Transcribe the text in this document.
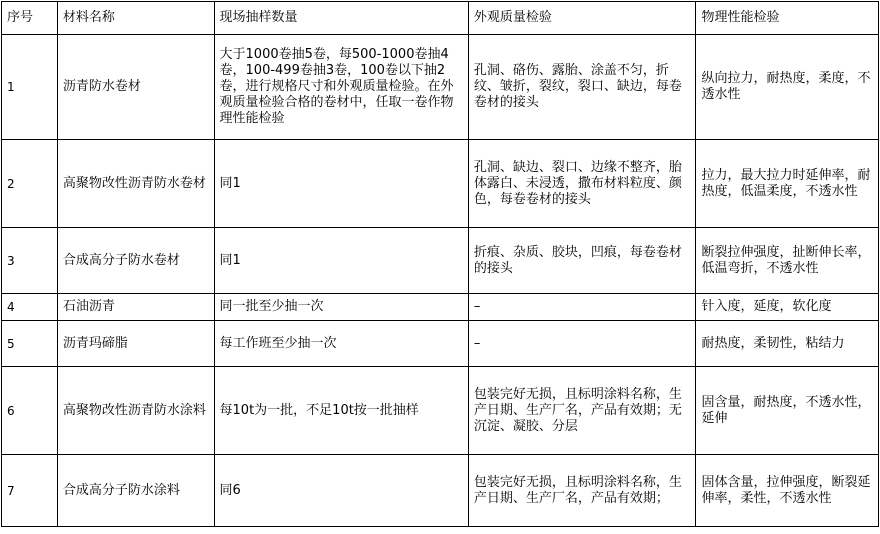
序号	材料名称	现场抽样数量	外观质量检验	物理性能检验
1	沥青防水卷材	大于1000卷抽5卷，每500-1000卷抽4卷，100-499卷抽3卷，100卷以下抽2卷，进行规格尺寸和外观质量检验。在外观质量检验合格的卷材中，任取一卷作物理性能检验	孔洞、硌伤、露胎、涂盖不匀，折纹、皱折，裂纹，裂口、缺边，每卷卷材的接头	纵向拉力，耐热度，柔度，不透水性
2	高聚物改性沥青防水卷材	同1	孔洞、缺边、裂口、边缘不整齐，胎体露白、未浸透，撒布材料粒度、颜色，每卷卷材的接头	拉力，最大拉力时延伸率，耐热度，低温柔度，不透水性
3	合成高分子防水卷材	同1	折痕、杂质、胶块，凹痕，每卷卷材的接头	断裂拉伸强度，扯断伸长率，低温弯折，不透水性
4	石油沥青	同一批至少抽一次	–	针入度，延度，软化度
5	沥青玛碲脂	每工作班至少抽一次	–	耐热度，柔韧性，粘结力
6	高聚物改性沥青防水涂料	每10t为一批，不足10t按一批抽样	包装完好无损，且标明涂料名称，生产日期、生产厂名，产品有效期；无沉淀、凝胶、分层	固含量，耐热度，不透水性，延伸
7	合成高分子防水涂料	同6	包装完好无损，且标明涂料名称，生产日期、生产厂名，产品有效期；	固体含量，拉伸强度，断裂延伸率，柔性，不透水性
